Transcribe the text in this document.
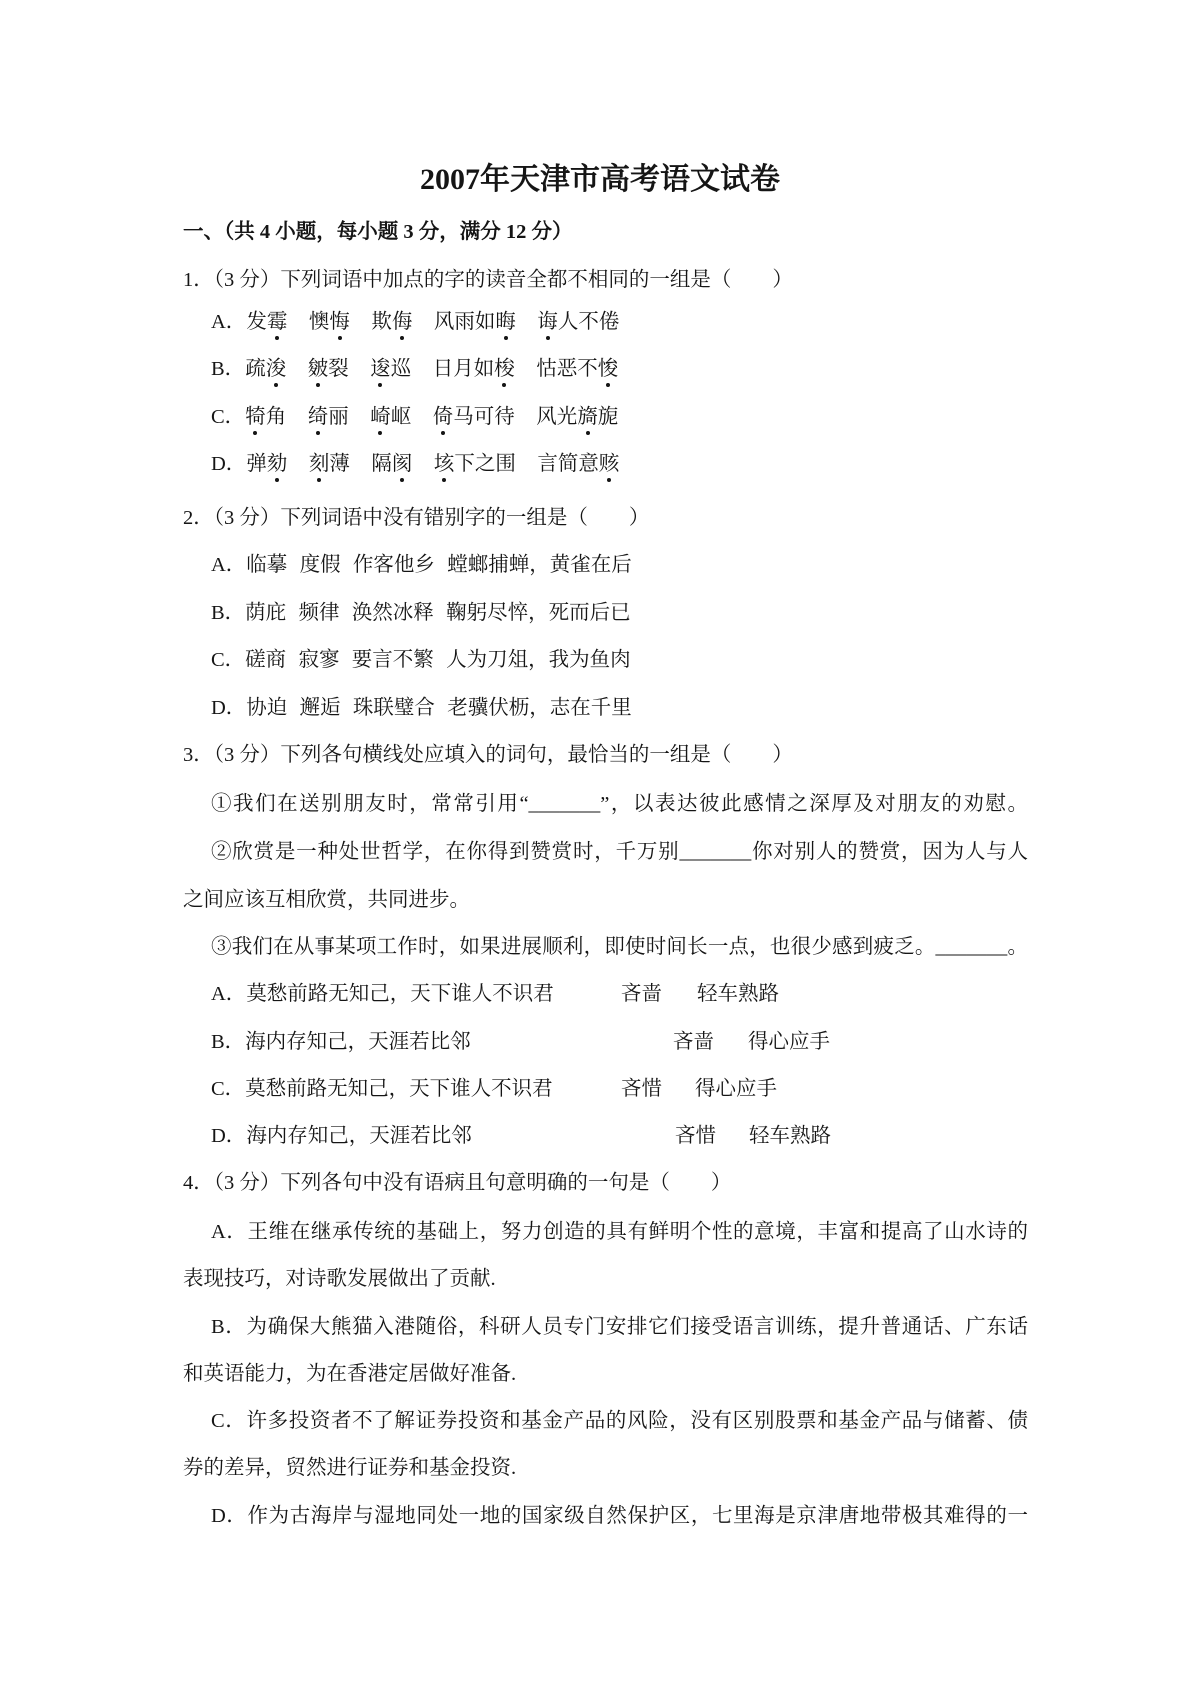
2007年天津市高考语文试卷
一、（共 4 小题，每小题 3 分，满分 12 分）
1．（3 分）下列词语中加点的字的读音全都不相同的一组是（　　）
A．发霉 懊悔 欺侮 风雨如晦 诲人不倦
B．疏浚 皴裂 逡巡 日月如梭 怙恶不悛
C．犄角 绮丽 崎岖 倚马可待 风光旖旎
D．弹劾 刻薄 隔阂 垓下之围 言简意赅
2．（3 分）下列词语中没有错别字的一组是（　　）
A．临摹 度假 作客他乡 螳螂捕蝉，黄雀在后
B．荫庇 频律 涣然冰释 鞠躬尽悴，死而后已
C．磋商 寂寥 要言不繁 人为刀俎，我为鱼肉
D．协迫 邂逅 珠联璧合 老骥伏枥，志在千里
3．（3 分）下列各句横线处应填入的词句，最恰当的一组是（　　）
①我们在送别朋友时，常常引用“_______”，以表达彼此感情之深厚及对朋友的劝慰。
②欣赏是一种处世哲学，在你得到赞赏时，千万别_______你对别人的赞赏，因为人与人
之间应该互相欣赏，共同进步。
③我们在从事某项工作时，如果进展顺利，即使时间长一点，也很少感到疲乏。_______。
A．莫愁前路无知己，天下谁人不识君	吝啬 轻车熟路
B．海内存知己，天涯若比邻	吝啬 得心应手
C．莫愁前路无知己，天下谁人不识君	吝惜 得心应手
D．海内存知己，天涯若比邻	吝惜 轻车熟路
4．（3 分）下列各句中没有语病且句意明确的一句是（　　）
A．王维在继承传统的基础上，努力创造的具有鲜明个性的意境，丰富和提高了山水诗的
表现技巧，对诗歌发展做出了贡献.
B．为确保大熊猫入港随俗，科研人员专门安排它们接受语言训练，提升普通话、广东话
和英语能力，为在香港定居做好准备.
C．许多投资者不了解证券投资和基金产品的风险，没有区别股票和基金产品与储蓄、债
券的差异，贸然进行证券和基金投资.
D．作为古海岸与湿地同处一地的国家级自然保护区，七里海是京津唐地带极其难得的一
